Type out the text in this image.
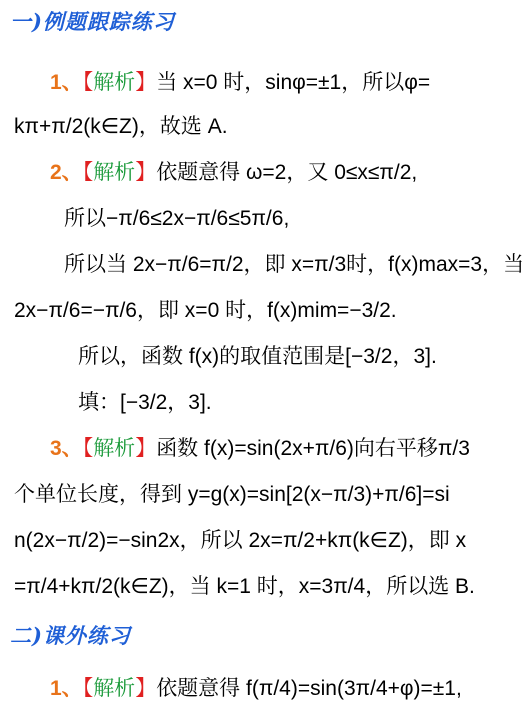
一)例题跟踪练习
1、【解析】当 x=0 时，sinφ=±1，所以φ=
kπ+π/2(k∈Z)，故选 A.
2、【解析】依题意得 ω=2，又 0≤x≤π/2,
所以−π/6≤2x−π/6≤5π/6,
所以当 2x−π/6=π/2，即 x=π/3时，f(x)max=3，当
2x−π/6=−π/6，即 x=0 时，f(x)mim=−3/2.
所以，函数 f(x)的取值范围是[−3/2，3].
填：[−3/2，3].
3、【解析】函数 f(x)=sin(2x+π/6)向右平移π/3
个单位长度，得到 y=g(x)=sin[2(x−π/3)+π/6]=si
n(2x−π/2)=−sin2x，所以 2x=π/2+kπ(k∈Z)，即 x
=π/4+kπ/2(k∈Z)，当 k=1 时，x=3π/4，所以选 B.
二)课外练习
1、【解析】依题意得 f(π/4)=sin(3π/4+φ)=±1,
